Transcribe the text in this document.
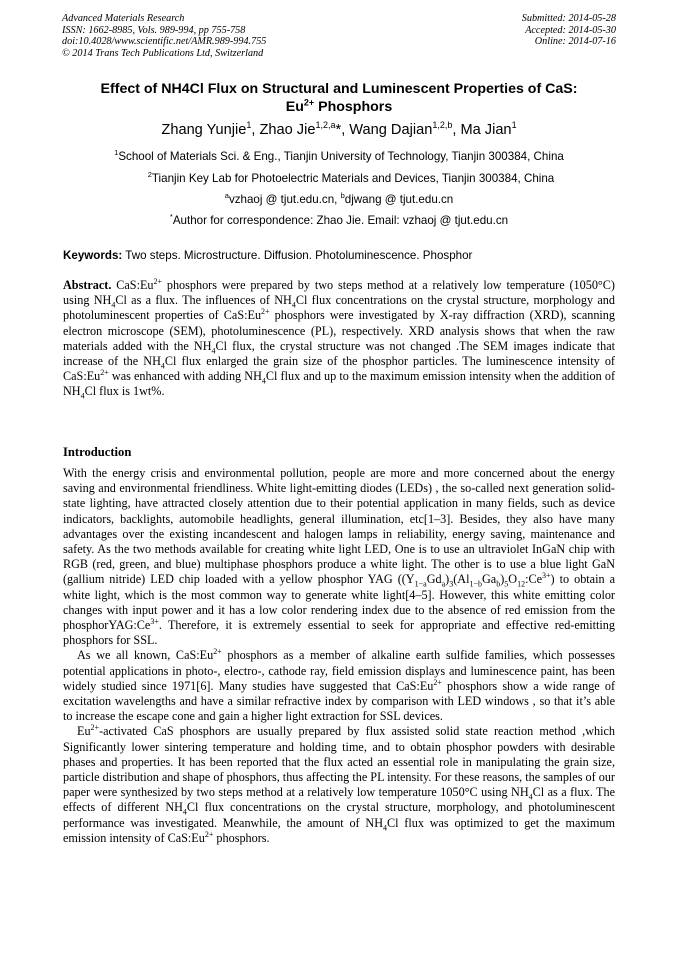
Advanced Materials Research
ISSN: 1662-8985, Vols. 989-994, pp 755-758
doi:10.4028/www.scientific.net/AMR.989-994.755
© 2014 Trans Tech Publications Ltd, Switzerland
Submitted: 2014-05-28
Accepted: 2014-05-30
Online: 2014-07-16
Effect of NH4Cl Flux on Structural and Luminescent Properties of CaS:
$Eu^{2+}$ Phosphors
Zhang Yunjie$^1$, Zhao Jie$^{1,2,a}$*, Wang Dajian$^{1,2,b}$, Ma Jian$^1$
$^1$School of Materials Sci. & Eng., Tianjin University of Technology, Tianjin 300384, China
$^2$Tianjin Key Lab for Photoelectric Materials and Devices, Tianjin 300384, China
$^a$vzhaoj @ tjut.edu.cn, $^b$djwang @ tjut.edu.cn
*Author for correspondence: Zhao Jie. Email: vzhaoj @ tjut.edu.cn
Keywords: Two steps. Microstructure. Diffusion. Photoluminescence. Phosphor
Abstract. $CaS:Eu^{2+}$ phosphors were prepared by two steps method at a relatively low temperature (1050°C) using $NH_4Cl$ as a flux. The influences of $NH_4Cl$ flux concentrations on the crystal structure, morphology and photoluminescent properties of $CaS:Eu^{2+}$ phosphors were investigated by X-ray diffraction (XRD), scanning electron microscope (SEM), photoluminescence (PL), respectively. XRD analysis shows that when the raw materials added with the $NH_4Cl$ flux, the crystal structure was not changed .The SEM images indicate that increase of the $NH_4Cl$ flux enlarged the grain size of the phosphor particles. The luminescence intensity of $CaS:Eu^{2+}$ was enhanced with adding $NH_4Cl$ flux and up to the maximum emission intensity when the addition of $NH_4Cl$ flux is 1wt%.
Introduction

With the energy crisis and environmental pollution, people are more and more concerned about the energy saving and environmental friendliness. White light-emitting diodes (LEDs) , the so-called next generation solid-state lighting, have attracted closely attention due to their potential application in many fields, such as device indicators, backlights, automobile headlights, general illumination, etc[1–3]. Besides, they also have many advantages over the existing incandescent and halogen lamps in reliability, energy saving, maintenance and safety. As the two methods available for creating white light LED, One is to use an ultraviolet InGaN chip with RGB (red, green, and blue) multiphase phosphors produce a white light. The other is to use a blue light GaN (gallium nitride) LED chip loaded with a yellow phosphor YAG $((Y_{1-a}Gd_a)_3(Al_{1-b}Ga_b)_5O_{12}:Ce^{3+})$ to obtain a white light, which is the most common way to generate white light[4–5]. However, this white emitting color changes with input power and it has a low color rendering index due to the absence of red emission from the $phosphorYAG:Ce^{3+}$. Therefore, it is extremely essential to seek for appropriate and effective red-emitting phosphors for SSL.

As we all known, $CaS:Eu^{2+}$ phosphors as a member of alkaline earth sulfide families, which possesses potential applications in photo-, electro-, cathode ray, field emission displays and luminescence paint, has been widely studied since 1971[6]. Many studies have suggested that $CaS:Eu^{2+}$ phosphors show a wide range of excitation wavelengths and have a similar refractive index by comparison with LED windows , so that it’s able to increase the escape cone and gain a higher light extraction for SSL devices.

$Eu^{2+}$-activated CaS phosphors are usually prepared by flux assisted solid state reaction method ,which Significantly lower sintering temperature and holding time, and to obtain phosphor powders with desirable phases and properties. It has been reported that the flux acted an essential role in manipulating the grain size, particle distribution and shape of phosphors, thus affecting the PL intensity. For these reasons, the samples of our paper were synthesized by two steps method at a relatively low temperature 1050°C using $NH_4Cl$ as a flux. The effects of different $NH_4Cl$ flux concentrations on the crystal structure, morphology, and photoluminescent performance was investigated. Meanwhile, the amount of $NH_4Cl$ flux was optimized to get the maximum emission intensity of $CaS:Eu^{2+}$ phosphors.
